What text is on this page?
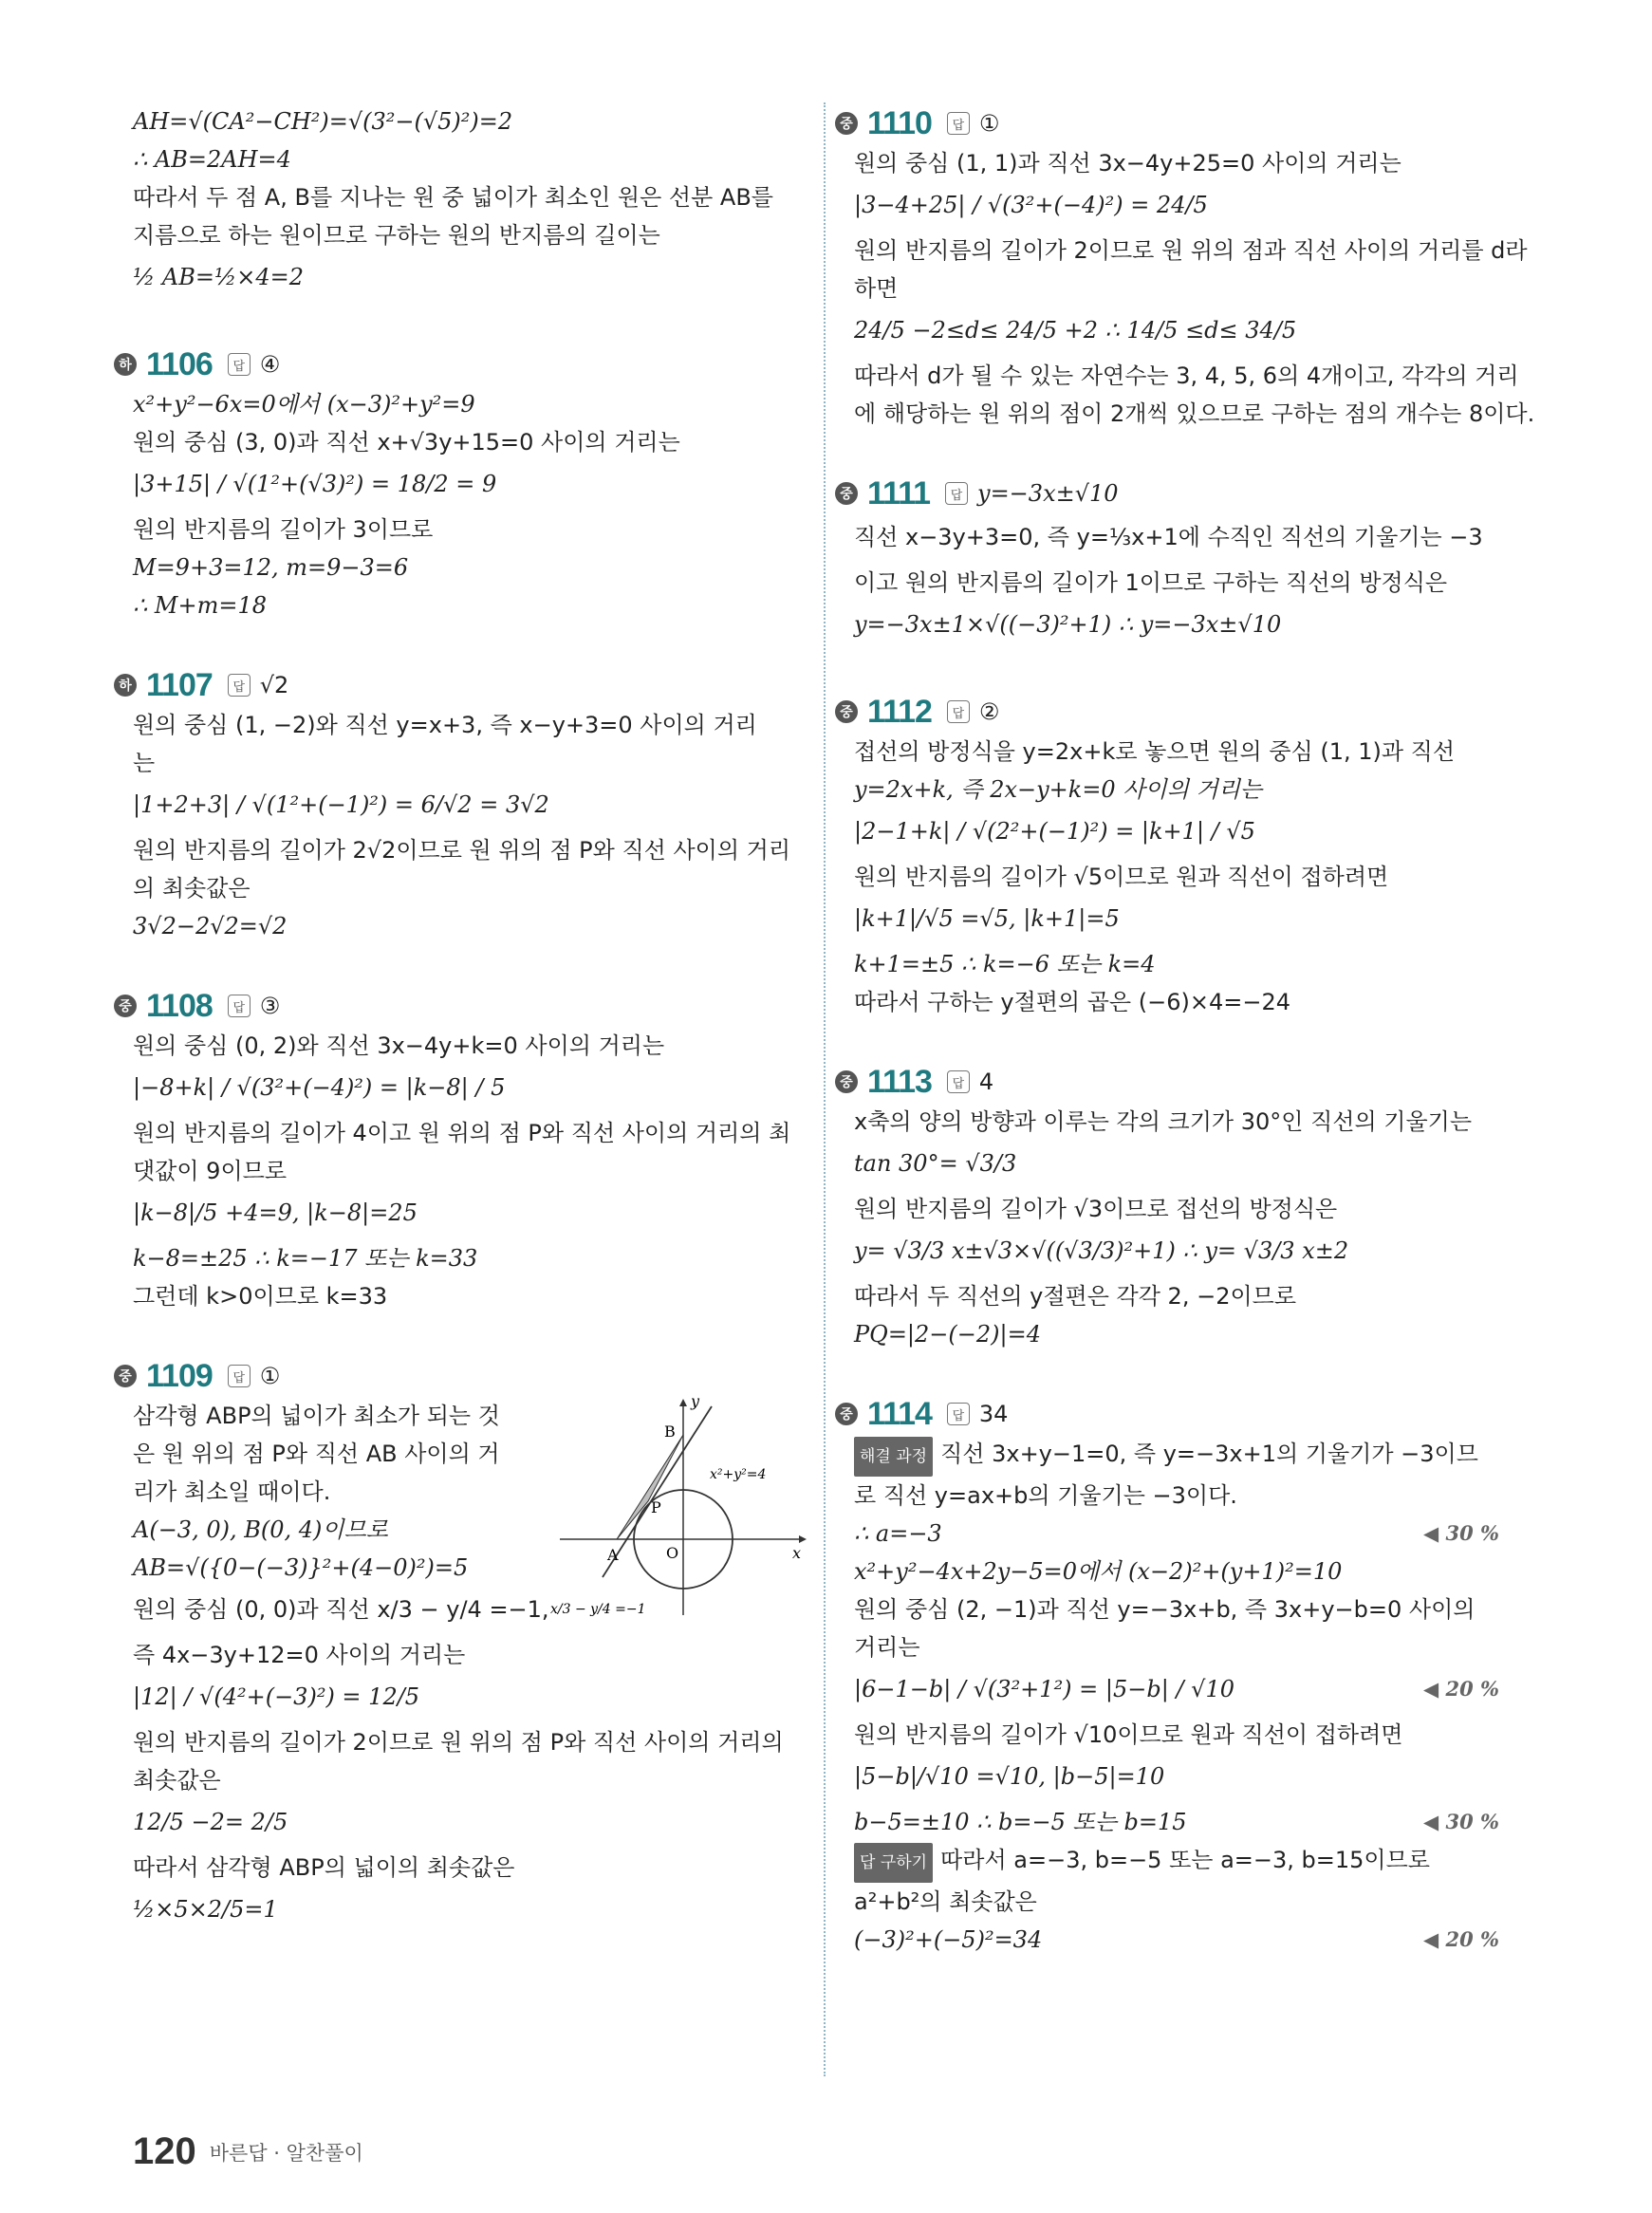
AH=√(CA²−CH²)=√(3²−(√5)²)=2

∴ AB=2AH=4

따라서 두 점 A, B를 지나는 원 중 넓이가 최소인 원은 선분 AB를

지름으로 하는 원이므로 구하는 원의 반지름의 길이는

½ AB=½×4=2

하 1106	답 ④

x²+y²−6x=0에서 (x−3)²+y²=9

원의 중심 (3, 0)과 직선 x+√3y+15=0 사이의 거리는

|3+15| / √(1²+(√3)²) = 18/2 = 9

원의 반지름의 길이가 3이므로

M=9+3=12, m=9−3=6

∴ M+m=18

하 1107	답 √2

원의 중심 (1, −2)와 직선 y=x+3, 즉 x−y+3=0 사이의 거리

는

|1+2+3| / √(1²+(−1)²) = 6/√2 = 3√2

원의 반지름의 길이가 2√2이므로 원 위의 점 P와 직선 사이의 거리

의 최솟값은

3√2−2√2=√2

중 1108	답 ③

원의 중심 (0, 2)와 직선 3x−4y+k=0 사이의 거리는

|−8+k| / √(3²+(−4)²) = |k−8| / 5

원의 반지름의 길이가 4이고 원 위의 점 P와 직선 사이의 거리의 최

댓값이 9이므로

|k−8|/5 +4=9, |k−8|=25

k−8=±25 ∴ k=−17 또는 k=33

그런데 k>0이므로 k=33

중 1109	답 ①
y
x
B
A	O
P
x²+y²=4
x/3 − y/4 =−1

삼각형 ABP의 넓이가 최소가 되는 것

은 원 위의 점 P와 직선 AB 사이의 거

리가 최소일 때이다.

A(−3, 0), B(0, 4)이므로

AB=√({0−(−3)}²+(4−0)²)=5

원의 중심 (0, 0)과 직선 x/3 − y/4 =−1,

즉 4x−3y+12=0 사이의 거리는

|12| / √(4²+(−3)²) = 12/5

원의 반지름의 길이가 2이므로 원 위의 점 P와 직선 사이의 거리의

최솟값은

12/5 −2= 2/5

따라서 삼각형 ABP의 넓이의 최솟값은

½×5×2/5=1

중 1110	답 ①

원의 중심 (1, 1)과 직선 3x−4y+25=0 사이의 거리는

|3−4+25| / √(3²+(−4)²) = 24/5

원의 반지름의 길이가 2이므로 원 위의 점과 직선 사이의 거리를 d라

하면

24/5 −2≤d≤ 24/5 +2 ∴ 14/5 ≤d≤ 34/5

따라서 d가 될 수 있는 자연수는 3, 4, 5, 6의 4개이고, 각각의 거리

에 해당하는 원 위의 점이 2개씩 있으므로 구하는 점의 개수는 8이다.

중 1111	답 y=−3x±√10

직선 x−3y+3=0, 즉 y=⅓x+1에 수직인 직선의 기울기는 −3

이고 원의 반지름의 길이가 1이므로 구하는 직선의 방정식은

y=−3x±1×√((−3)²+1) ∴ y=−3x±√10

중 1112	답 ②

접선의 방정식을 y=2x+k로 놓으면 원의 중심 (1, 1)과 직선

y=2x+k, 즉 2x−y+k=0 사이의 거리는

|2−1+k| / √(2²+(−1)²) = |k+1| / √5

원의 반지름의 길이가 √5이므로 원과 직선이 접하려면

|k+1|/√5 =√5, |k+1|=5

k+1=±5 ∴ k=−6 또는 k=4

따라서 구하는 y절편의 곱은 (−6)×4=−24

중 1113	답 4

x축의 양의 방향과 이루는 각의 크기가 30°인 직선의 기울기는

tan 30°= √3/3

원의 반지름의 길이가 √3이므로 접선의 방정식은

y= √3/3 x±√3×√((√3/3)²+1) ∴ y= √3/3 x±2

따라서 두 직선의 y절편은 각각 2, −2이므로

PQ=|2−(−2)|=4

중 1114	답 34

해결 과정 직선 3x+y−1=0, 즉 y=−3x+1의 기울기가 −3이므

로 직선 y=ax+b의 기울기는 −3이다.

∴ a=−3	◀ 30 %

x²+y²−4x+2y−5=0에서 (x−2)²+(y+1)²=10

원의 중심 (2, −1)과 직선 y=−3x+b, 즉 3x+y−b=0 사이의

거리는

|6−1−b| / √(3²+1²) = |5−b| / √10	◀ 20 %

원의 반지름의 길이가 √10이므로 원과 직선이 접하려면

|5−b|/√10 =√10, |b−5|=10

b−5=±10 ∴ b=−5 또는 b=15	◀ 30 %

답 구하기 따라서 a=−3, b=−5 또는 a=−3, b=15이므로

a²+b²의 최솟값은

(−3)²+(−5)²=34	◀ 20 %

120 바른답 · 알찬풀이
